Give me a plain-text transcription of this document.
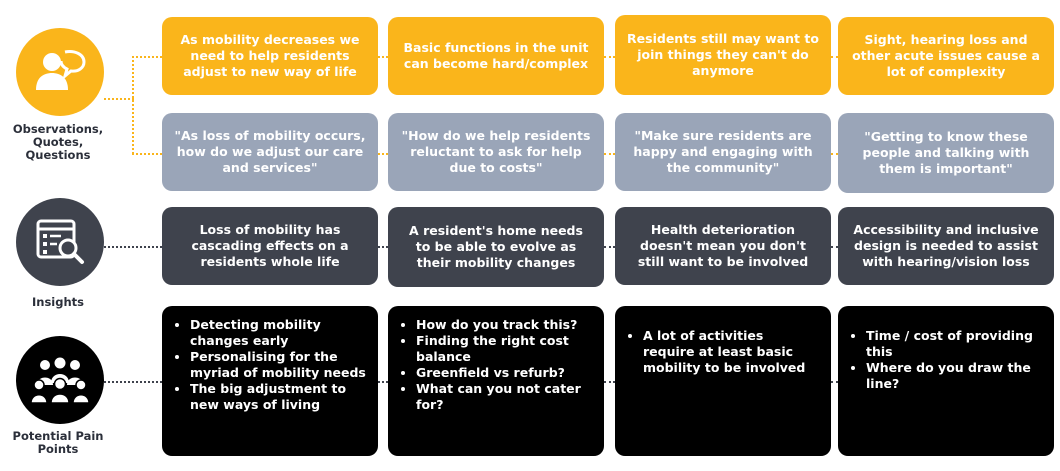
Observations,
Quotes,
Questions
As mobility decreases we need to help residents adjust to new way of life
Basic functions in the unit can become hard/complex
Residents still may want to join things they can't do anymore
Sight, hearing loss and other acute issues cause a lot of complexity
"As loss of mobility occurs, how do we adjust our care and services"
"How do we help residents reluctant to ask for help due to costs"
"Make sure residents are happy and engaging with the community"
"Getting to know these people and talking with them is important"
Insights
Loss of mobility has cascading effects on a residents whole life
A resident's home needs to be able to evolve as their mobility changes
Health deterioration doesn't mean you don't still want to be involved
Accessibility and inclusive design is needed to assist with hearing/vision loss
Potential Pain
Points
• Detecting mobility changes early
• Personalising for the myriad of mobility needs
• The big adjustment to new ways of living
• How do you track this?
• Finding the right cost balance
• Greenfield vs refurb?
• What can you not cater for?
• A lot of activities require at least basic mobility to be involved
• Time / cost of providing this
• Where do you draw the line?
